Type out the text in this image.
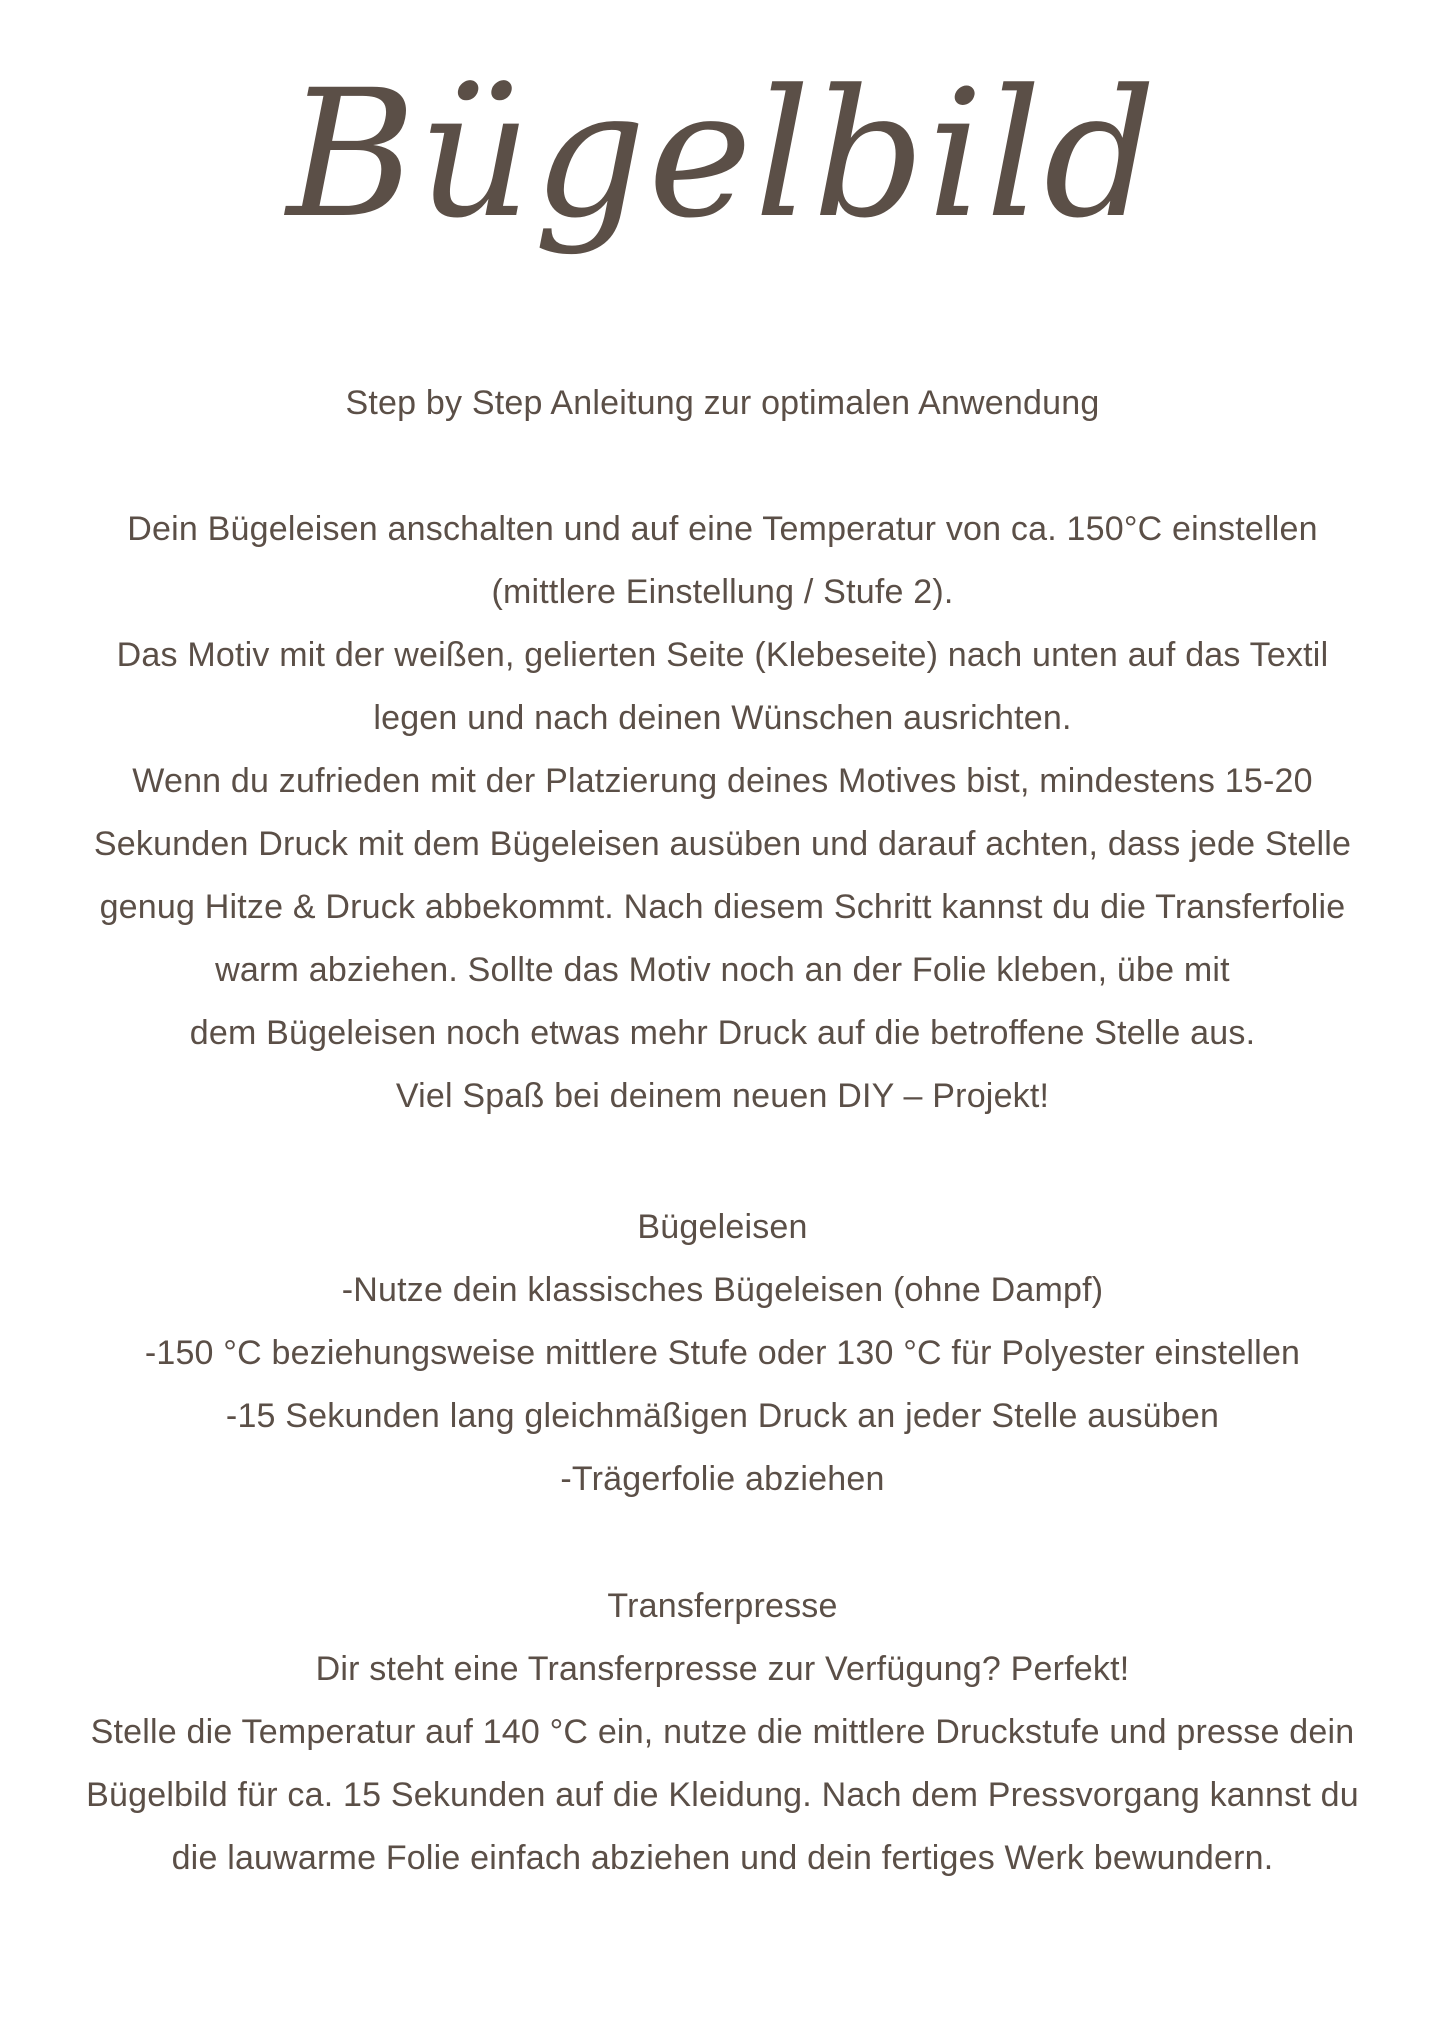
Bügelbild
Step by Step Anleitung zur optimalen Anwendung
Dein Bügeleisen anschalten und auf eine Temperatur von ca. 150°C einstellen
(mittlere Einstellung / Stufe 2).
Das Motiv mit der weißen, gelierten Seite (Klebeseite) nach unten auf das Textil
legen und nach deinen Wünschen ausrichten.
Wenn du zufrieden mit der Platzierung deines Motives bist, mindestens 15-20
Sekunden Druck mit dem Bügeleisen ausüben und darauf achten, dass jede Stelle
genug Hitze & Druck abbekommt. Nach diesem Schritt kannst du die Transferfolie
warm abziehen. Sollte das Motiv noch an der Folie kleben, übe mit
dem Bügeleisen noch etwas mehr Druck auf die betroffene Stelle aus.
Viel Spaß bei deinem neuen DIY – Projekt!
Bügeleisen
-Nutze dein klassisches Bügeleisen (ohne Dampf)
-150 °C beziehungsweise mittlere Stufe oder 130 °C für Polyester einstellen
-15 Sekunden lang gleichmäßigen Druck an jeder Stelle ausüben
-Trägerfolie abziehen
Transferpresse
Dir steht eine Transferpresse zur Verfügung? Perfekt!
Stelle die Temperatur auf 140 °C ein, nutze die mittlere Druckstufe und presse dein
Bügelbild für ca. 15 Sekunden auf die Kleidung. Nach dem Pressvorgang kannst du
die lauwarme Folie einfach abziehen und dein fertiges Werk bewundern.
